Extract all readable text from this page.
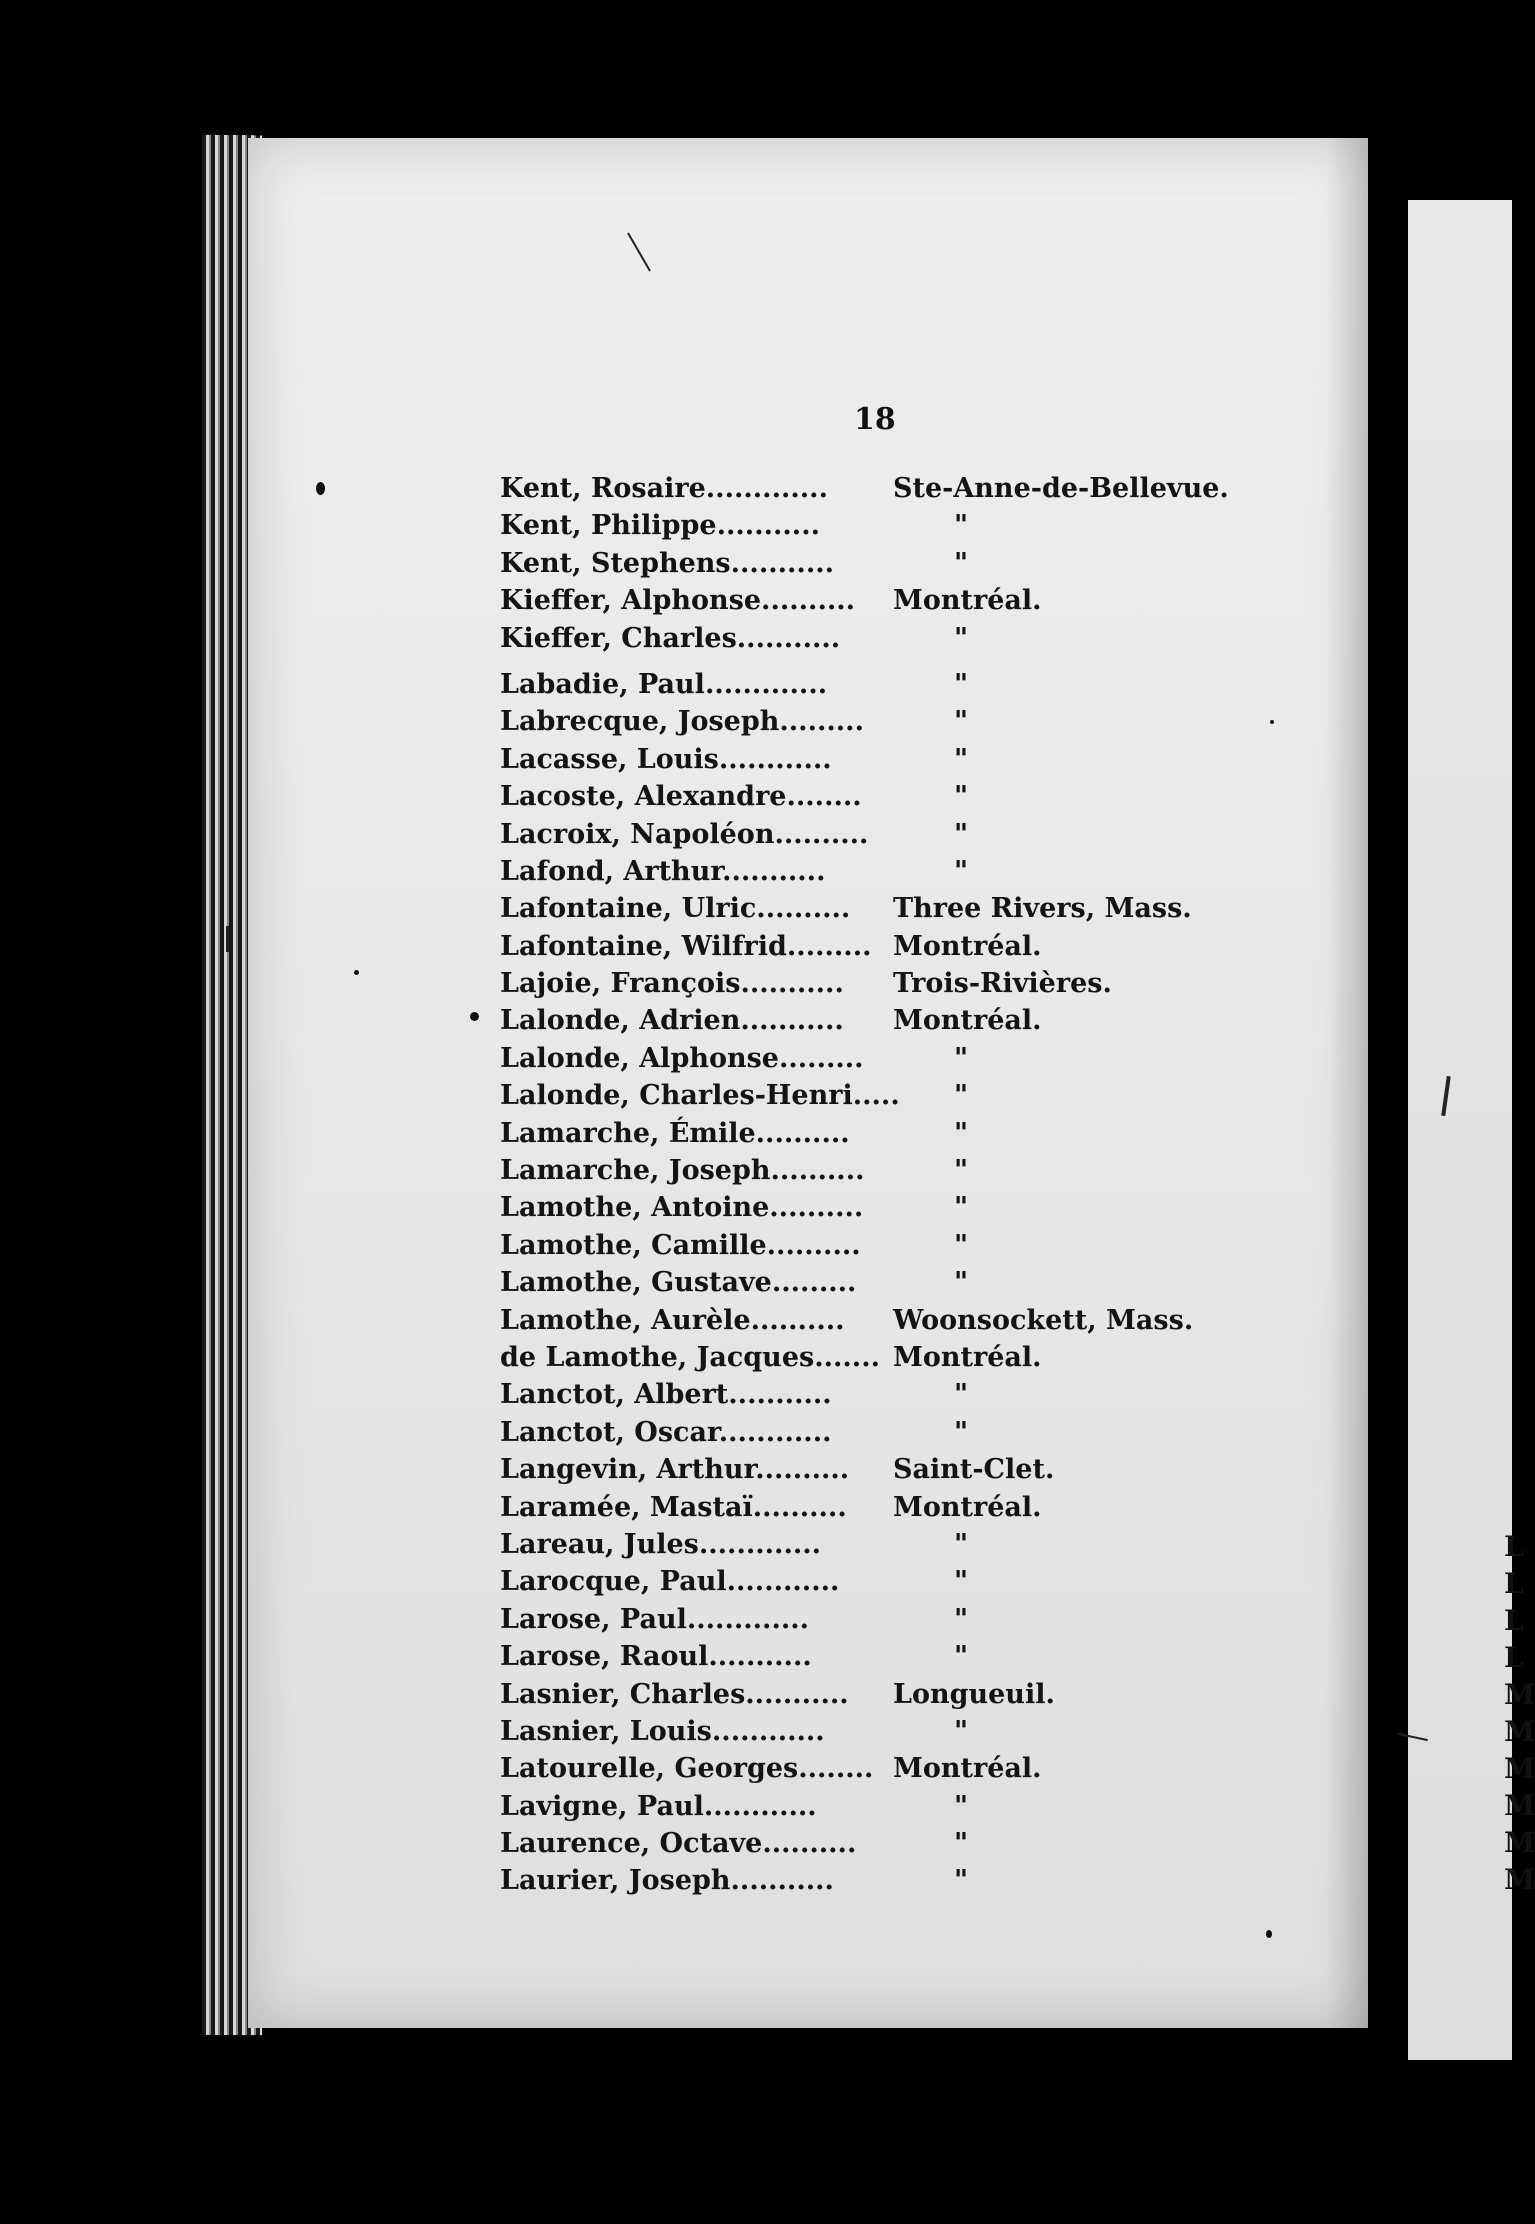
L
L
L
L
M
M
M
M
M
M
18
Kent, Rosaire............. Ste-Anne-de-Bellevue.
Kent, Philippe...........	"
Kent, Stephens...........	"
Kieffer, Alphonse.......... Montréal.
Kieffer, Charles...........	"
Labadie, Paul.............	"
Labrecque, Joseph.........	"
Lacasse, Louis............	"
Lacoste, Alexandre........	"
Lacroix, Napoléon..........	"
Lafond, Arthur...........	"
Lafontaine, Ulric.......... Three Rivers, Mass.
Lafontaine, Wilfrid......... Montréal.
Lajoie, François........... Trois-Rivières.
Lalonde, Adrien........... Montréal.
Lalonde, Alphonse.........	"
Lalonde, Charles-Henri..... "
Lamarche, Émile..........	"
Lamarche, Joseph..........	"
Lamothe, Antoine..........	"
Lamothe, Camille..........	"
Lamothe, Gustave.........	"
Lamothe, Aurèle.......... Woonsockett, Mass.
de Lamothe, Jacques....... Montréal.
Lanctot, Albert...........	"
Lanctot, Oscar............	"
Langevin, Arthur.......... Saint-Clet.
Laramée, Mastaï.......... Montréal.
Lareau, Jules.............	"
Larocque, Paul............	"
Larose, Paul.............	"
Larose, Raoul...........	"
Lasnier, Charles........... Longueuil.
Lasnier, Louis............	"
Latourelle, Georges........ Montréal.
Lavigne, Paul............	"
Laurence, Octave..........	"
Laurier, Joseph...........	"
